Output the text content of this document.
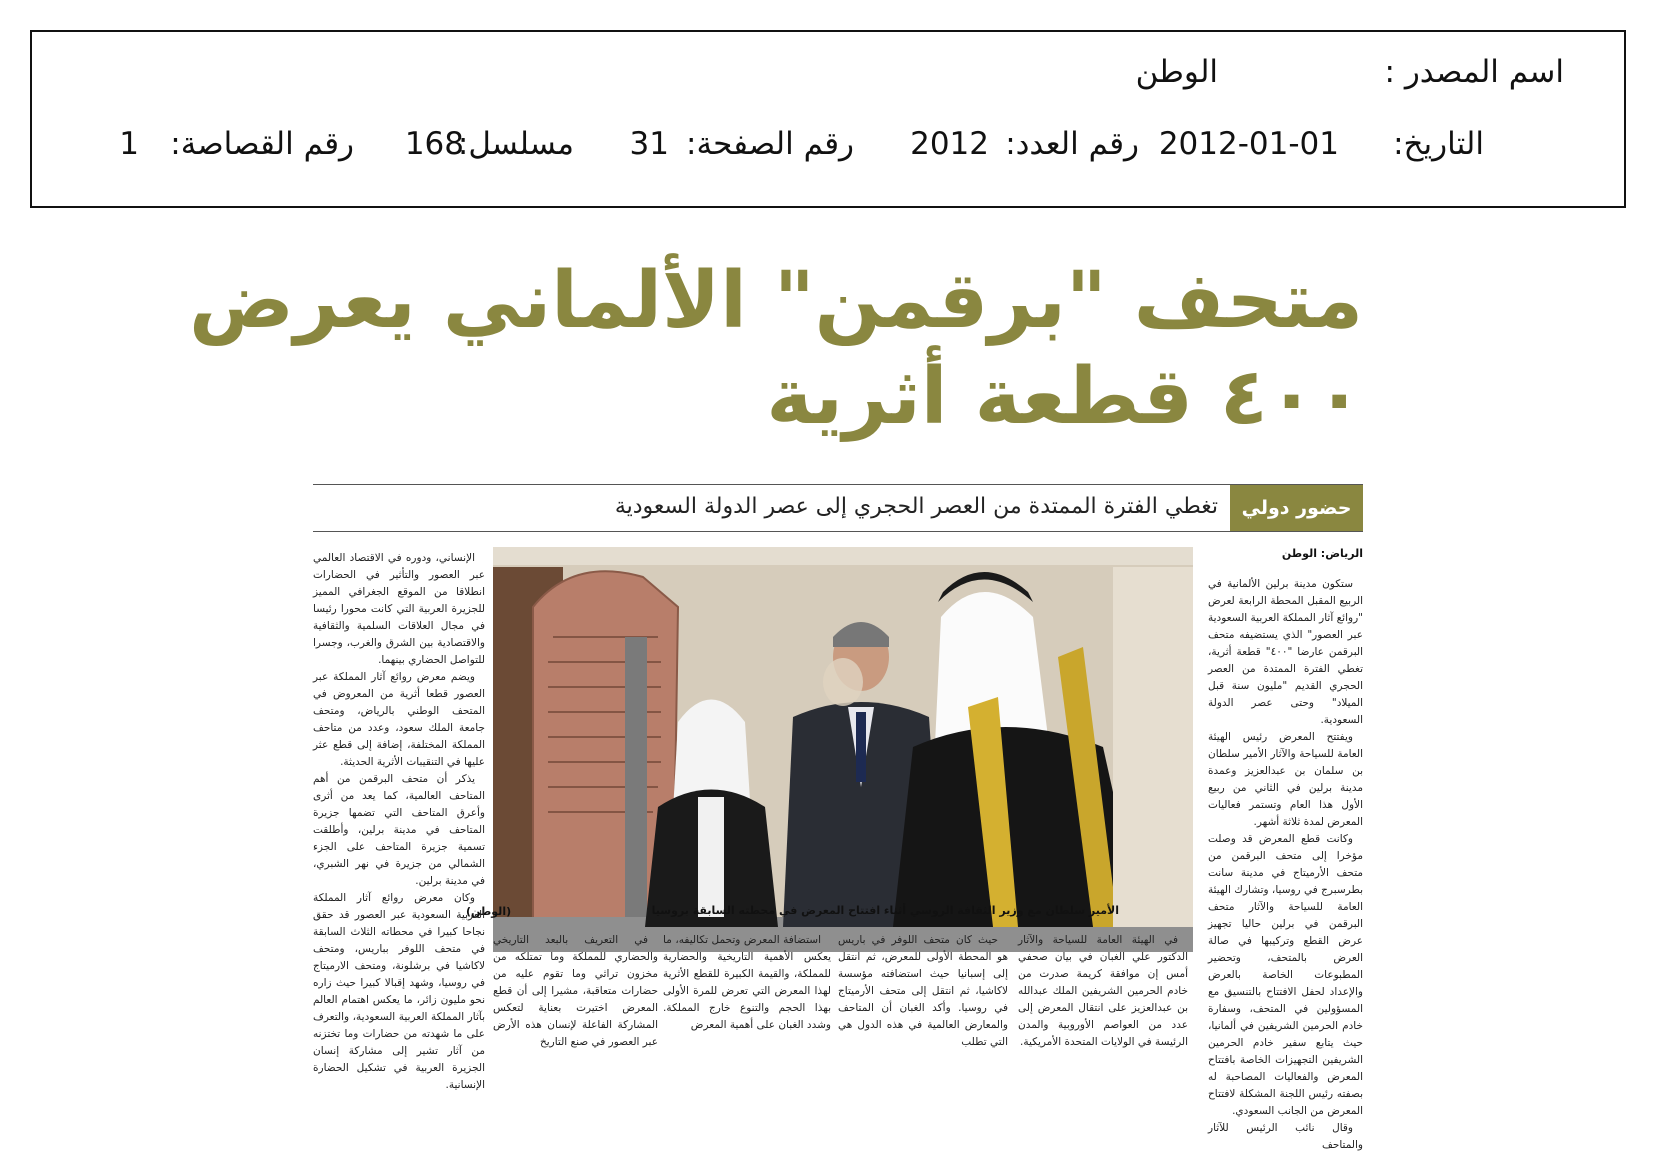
اسم المصدر :
الوطن
التاريخ:
2012-01-01
رقم العدد:
2012
رقم الصفحة:
31
مسلسل:
168
رقم القصاصة:
1
متحف "برقمن" الألماني يعرض
٤٠٠ قطعة أثرية
حضور دولي
تغطي الفترة الممتدة من العصر الحجري إلى عصر الدولة السعودية
الأمير سلطان مع وزير الثقافة الروسي أثناء افتتاح المعرض في محطته السابقة بروسيا
(الوطن)
الرياض: الوطن

ستكون مدينة برلين الألمانية في الربيع المقبل المحطة الرابعة لعرض "روائع آثار المملكة العربية السعودية عبر العصور" الذي يستضيفه متحف البرقمن عارضا "٤٠٠" قطعة أثرية، تغطي الفترة الممتدة من العصر الحجري القديم "مليون سنة قبل الميلاد" وحتى عصر الدولة السعودية.

ويفتتح المعرض رئيس الهيئة العامة للسياحة والآثار الأمير سلطان بن سلمان بن عبدالعزيز وعمدة مدينة برلين في الثاني من ربيع الأول هذا العام وتستمر فعاليات المعرض لمدة ثلاثة أشهر.

وكانت قطع المعرض قد وصلت مؤخرا إلى متحف البرقمن من متحف الأرميتاج في مدينة سانت بطرسبرج في روسيا، وتشارك الهيئة العامة للسياحة والآثار متحف البرقمن في برلين حاليا تجهيز عرض القطع وتركيبها في صالة العرض بالمتحف، وتحضير المطبوعات الخاصة بالعرض والإعداد لحفل الافتتاح بالتنسيق مع المسؤولين في المتحف، وسفارة خادم الحرمين الشريفين في ألمانيا، حيث يتابع سفير خادم الحرمين الشريفين التجهيزات الخاصة بافتتاح المعرض والفعاليات المصاحبة له بصفته رئيس اللجنة المشكلة لافتتاح المعرض من الجانب السعودي.

وقال نائب الرئيس للآثار والمتاحف

الإنساني، ودوره في الاقتصاد العالمي عبر العصور والتأثير في الحضارات انطلاقا من الموقع الجغرافي المميز للجزيرة العربية التي كانت محورا رئيسا في مجال العلاقات السلمية والثقافية والاقتصادية بين الشرق والغرب، وجسرا للتواصل الحضاري بينهما.

ويضم معرض روائع آثار المملكة عبر العصور قطعا أثرية من المعروض في المتحف الوطني بالرياض، ومتحف جامعة الملك سعود، وعدد من متاحف المملكة المختلفة، إضافة إلى قطع عثر عليها في التنقيبات الأثرية الحديثة.

يذكر أن متحف البرقمن من أهم المتاحف العالمية، كما يعد من أثرى وأعرق المتاحف التي تضمها جزيرة المتاحف في مدينة برلين، وأطلقت تسمية جزيرة المتاحف على الجزء الشمالي من جزيرة في نهر الشبري، في مدينة برلين.

وكان معرض روائع آثار المملكة العربية السعودية عبر العصور قد حقق نجاحا كبيرا في محطاته الثلاث السابقة في متحف اللوفر بباريس، ومتحف لاكاشيا في برشلونة، ومتحف الارميتاج في روسيا، وشهد إقبالا كبيرا حيث زاره نحو مليون زائر، ما يعكس اهتمام العالم بآثار المملكة العربية السعودية، والتعرف على ما شهدته من حضارات وما تختزنه من آثار تشير إلى مشاركة إنسان الجزيرة العربية في تشكيل الحضارة الإنسانية.

في الهيئة العامة للسياحة والآثار الدكتور علي الغبان في بيان صحفي أمس إن موافقة كريمة صدرت من خادم الحرمين الشريفين الملك عبدالله بن عبدالعزيز على انتقال المعرض إلى عدد من العواصم الأوروبية والمدن الرئيسة في الولايات المتحدة الأمريكية.

حيث كان متحف اللوفر في باريس هو المحطة الأولى للمعرض، ثم انتقل إلى إسبانيا حيث استضافته مؤسسة لاكاشيا، ثم انتقل إلى متحف الأرميتاج في روسيا. وأكد الغبان أن المتاحف والمعارض العالمية في هذه الدول هي التي تطلب

استضافة المعرض وتحمل تكاليفه، ما يعكس الأهمية التاريخية والحضارية للمملكة، والقيمة الكبيرة للقطع الأثرية لهذا المعرض التي تعرض للمرة الأولى بهذا الحجم والتنوع خارج المملكة. وشدد الغبان على أهمية المعرض

في التعريف بالبعد التاريخي والحضاري للمملكة وما تمتلكه من مخزون تراثي وما تقوم عليه من حضارات متعاقبة، مشيرا إلى أن قطع المعرض اختيرت بعناية لتعكس المشاركة الفاعلة لإنسان هذه الأرض عبر العصور في صنع التاريخ
